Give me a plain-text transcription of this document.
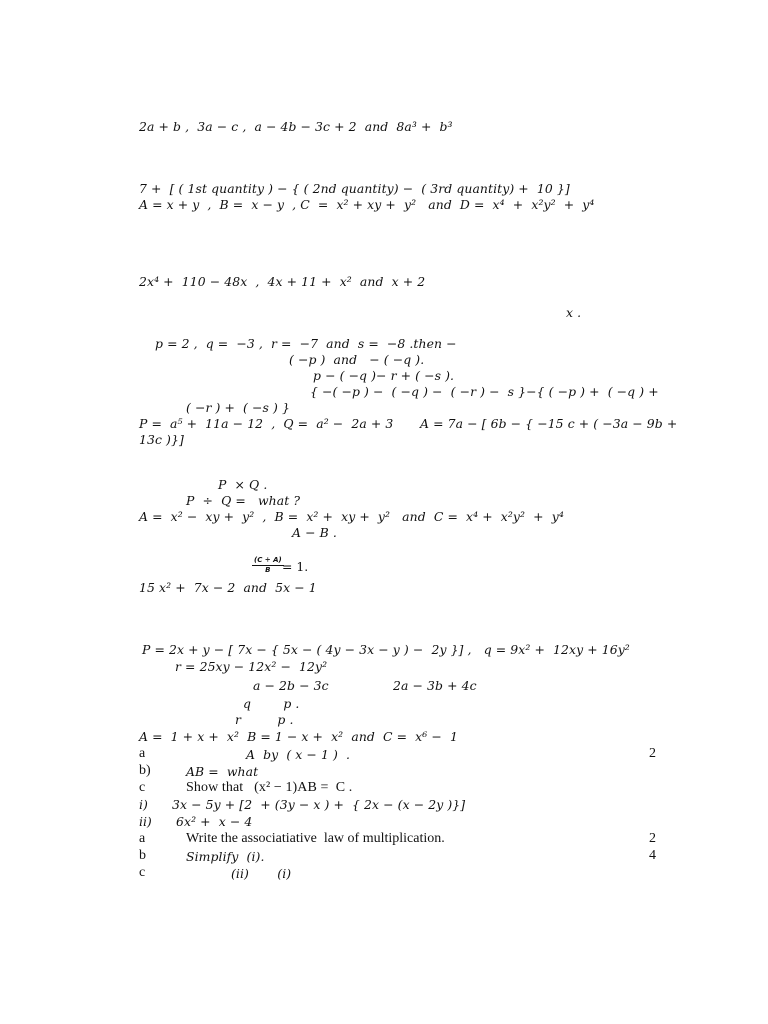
2a + b ,  3a − c ,  a − 4b − 3c + 2  and  8a³ +  b³
7 +  [ ( 1st quantity ) − { ( 2nd quantity) −  ( 3rd quantity) +  10 }]
A = x + y  ,  B =  x − y  , C  =  x² + xy +  y²   and  D =  x⁴  +  x²y²  +  y⁴
2x⁴ +  110 − 48x  ,  4x + 11 +  x²  and  x + 2
x .
p = 2 ,  q =  −3 ,  r =  −7  and  s =  −8 .then −
( −p )  and   − ( −q ).
p − ( −q )− r + ( −s ).
{ −( −p ) −  ( −q ) −  ( −r ) −  s }−{ ( −p ) +  ( −q ) +
( −r ) +  ( −s ) }
P =  a⁵ +  11a − 12  ,  Q =  a² −  2a + 3 A = 7a − [ 6b − { −15 c + ( −3a − 9b +
13c )}]
P  × Q .
P  ÷  Q =   what ?
A =  x² −  xy +  y²  ,  B =  x² +  xy +  y²   and  C =  x⁴ +  x²y²  +  y⁴
A − B .
$\frac{(C \div A)}{B}$
= 1.
15 x² +  7x − 2  and  5x − 1
P = 2x + y − [ 7x − { 5x − ( 4y − 3x − y ) −  2y }] ,   q = 9x² +  12xy + 16y²
r = 25xy − 12x² −  12y²
a − 2b − 3c	2a − 3b + 4c
q        p .
r         p .
A =  1 + x +  x²  B = 1 − x +  x²  and  C =  x⁶ −  1
a	A  by  ( x − 1 )  .	2
b)	AB =  what
c	Show that   (x² − 1)AB =  C .
i) 3x − 5y + [2  + (3y − x ) +  { 2x − (x − 2y )}]
ii) 6x² +  x − 4
a	Write the associatiative  law of multiplication.	2
b	Simplify  (i).	4
c	(ii)       (i)
